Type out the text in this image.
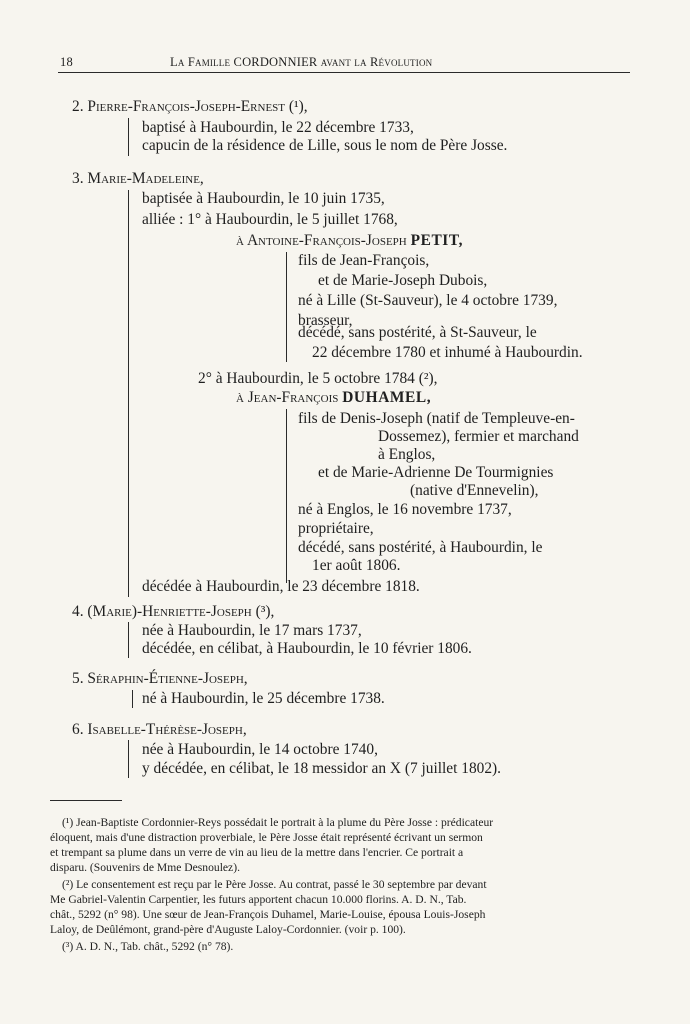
18	La Famille CORDONNIER avant la Révolution
2. Pierre-François-Joseph-Ernest (¹),
baptisé à Haubourdin, le 22 décembre 1733,
capucin de la résidence de Lille, sous le nom de Père Josse.
3. Marie-Madeleine,
baptisée à Haubourdin, le 10 juin 1735,
alliée : 1° à Haubourdin, le 5 juillet 1768,
à Antoine-François-Joseph PETIT,
fils de Jean-François,
et de Marie-Joseph Dubois,
né à Lille (St-Sauveur), le 4 octobre 1739,
brasseur,
décédé, sans postérité, à St-Sauveur, le
22 décembre 1780 et inhumé à Haubourdin.
2° à Haubourdin, le 5 octobre 1784 (²),
à Jean-François DUHAMEL,
fils de Denis-Joseph (natif de Templeuve-en-
Dossemez), fermier et marchand
à Englos,
et de Marie-Adrienne De Tourmignies
(native d'Ennevelin),
né à Englos, le 16 novembre 1737,
propriétaire,
décédé, sans postérité, à Haubourdin, le
1er août 1806.
décédée à Haubourdin, le 23 décembre 1818.
4. (Marie)-Henriette-Joseph (³),
née à Haubourdin, le 17 mars 1737,
décédée, en célibat, à Haubourdin, le 10 février 1806.
5. Séraphin-Étienne-Joseph,
né à Haubourdin, le 25 décembre 1738.
6. Isabelle-Thérèse-Joseph,
née à Haubourdin, le 14 octobre 1740,
y décédée, en célibat, le 18 messidor an X (7 juillet 1802).
(¹) Jean-Baptiste Cordonnier-Reys possédait le portrait à la plume du Père Josse : prédicateur
éloquent, mais d'une distraction proverbiale, le Père Josse était représenté écrivant un sermon
et trempant sa plume dans un verre de vin au lieu de la mettre dans l'encrier. Ce portrait a
disparu. (Souvenirs de Mme Desnoulez).
(²) Le consentement est reçu par le Père Josse. Au contrat, passé le 30 septembre par devant
Me Gabriel-Valentin Carpentier, les futurs apportent chacun 10.000 florins. A. D. N., Tab.
chât., 5292 (n° 98). Une sœur de Jean-François Duhamel, Marie-Louise, épousa Louis-Joseph
Laloy, de Deûlémont, grand-père d'Auguste Laloy-Cordonnier. (voir p. 100).
(³) A. D. N., Tab. chât., 5292 (n° 78).
